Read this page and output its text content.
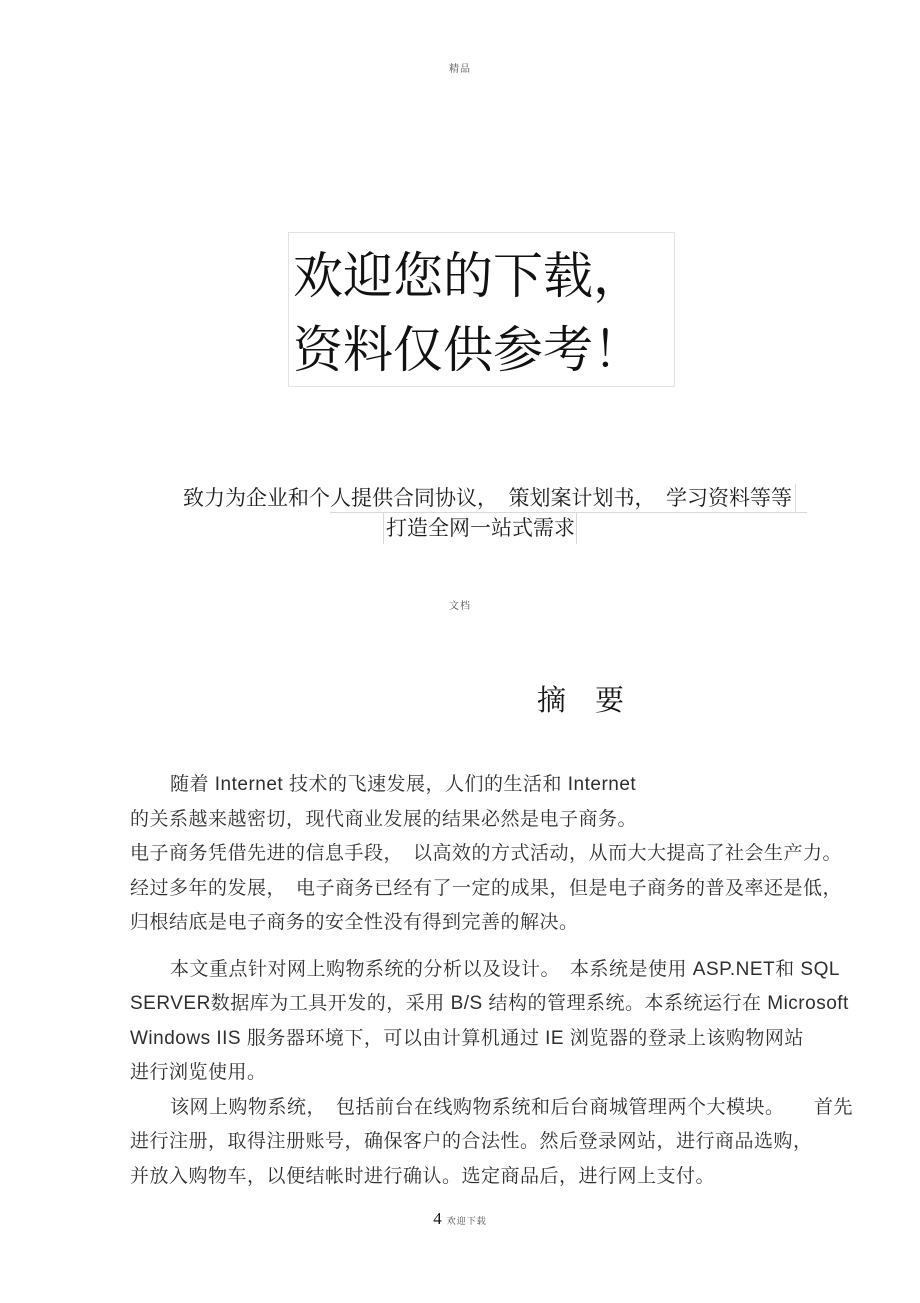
精品
欢迎您的下载，
资料仅供参考！
致力为企业和个人提供合同协议，　策划案计划书，　学习资料等等
打造全网一站式需求
文档
摘　要
随着 Internet 技术的飞速发展，人们的生活和 Internet
的关系越来越密切，现代商业发展的结果必然是电子商务。
电子商务凭借先进的信息手段，　以高效的方式活动，从而大大提高了社会生产力。
经过多年的发展，　电子商务已经有了一定的成果，但是电子商务的普及率还是低，
归根结底是电子商务的安全性没有得到完善的解决。
本文重点针对网上购物系统的分析以及设计。　本系统是使用 ASP.NET和 SQL
SERVER数据库为工具开发的，采用 B/S 结构的管理系统。本系统运行在 Microsoft
Windows IIS 服务器环境下，可以由计算机通过 IE 浏览器的登录上该购物网站
进行浏览使用。
该网上购物系统，　包括前台在线购物系统和后台商城管理两个大模块。　　首先
进行注册，取得注册账号，确保客户的合法性。然后登录网站，进行商品选购，
并放入购物车，以便结帐时进行确认。选定商品后，进行网上支付。
4 欢迎下载
